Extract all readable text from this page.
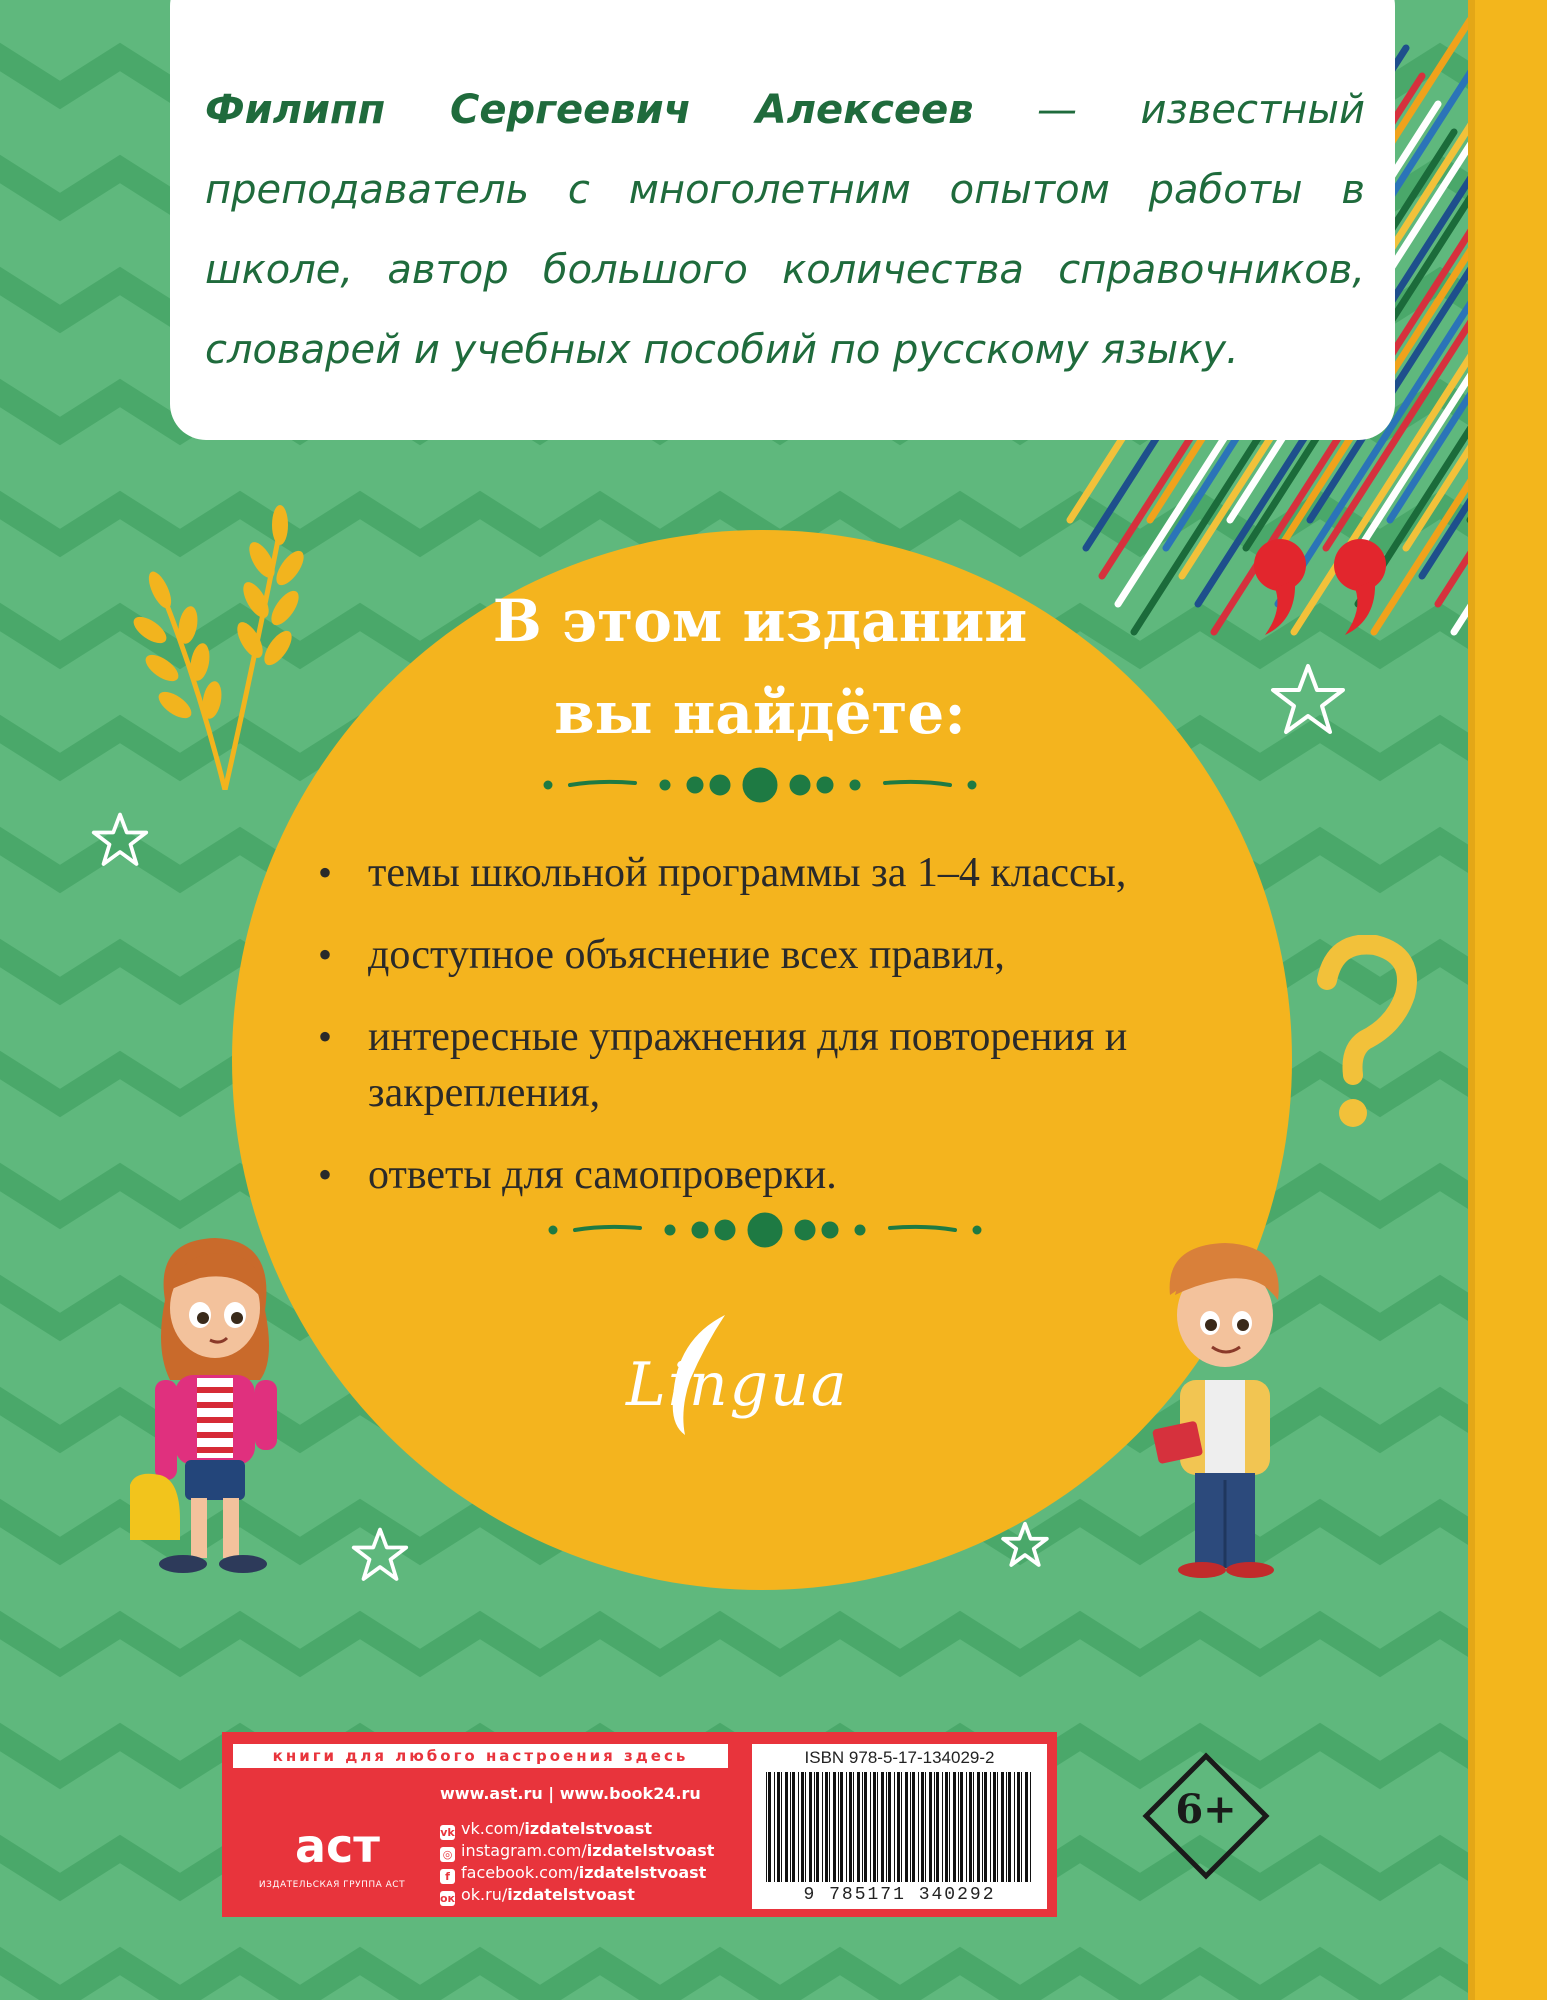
Филипп Сергеевич Алексеев — известный преподаватель с многолетним опытом работы в школе, автор большого количества справочников, словарей и учебных пособий по русскому языку.
В этом издании
вы найдёте:
• темы школьной программы за 1–4 классы,
• доступное объяснение всех правил,
• интересные упражнения для повторения и закрепления,
• ответы для самопроверки.
Lingua
книги для любого настроения здесь
аст
ИЗДАТЕЛЬСКАЯ ГРУППА АСТ
www.ast.ru | www.book24.ru
vk vk.com/izdatelstvoast
◎ instagram.com/izdatelstvoast
f facebook.com/izdatelstvoast
ок ok.ru/izdatelstvoast
ISBN 978-5-17-134029-2
9 785171 340292
6+
